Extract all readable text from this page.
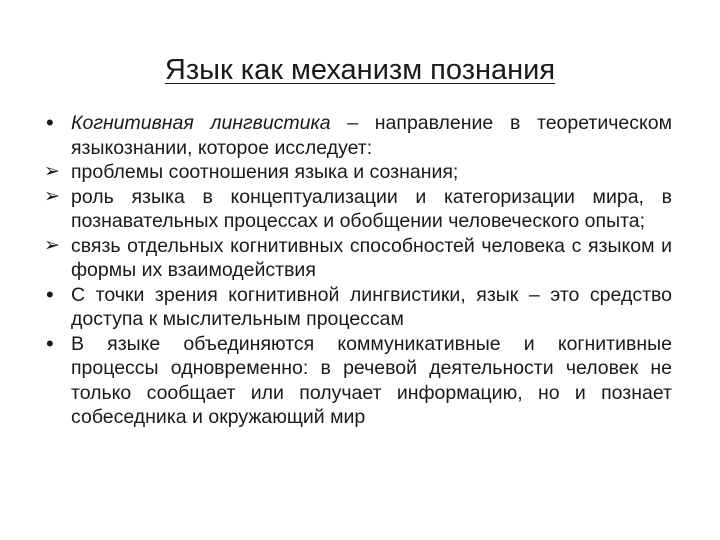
Язык как механизм познания
• Когнитивная лингвистика – направление в теоретическом языкознании, которое исследует:
➢ проблемы соотношения языка и сознания;
➢ роль языка в концептуализации и категоризации мира, в познавательных процессах и обобщении человеческого опыта;
➢ связь отдельных когнитивных способностей человека с языком и формы их взаимодействия
• С точки зрения когнитивной лингвистики, язык – это средство доступа к мыслительным процессам
• В языке объединяются коммуникативные и когнитивные процессы одновременно: в речевой деятельности человек не только сообщает или получает информацию, но и познает собеседника и окружающий мир
